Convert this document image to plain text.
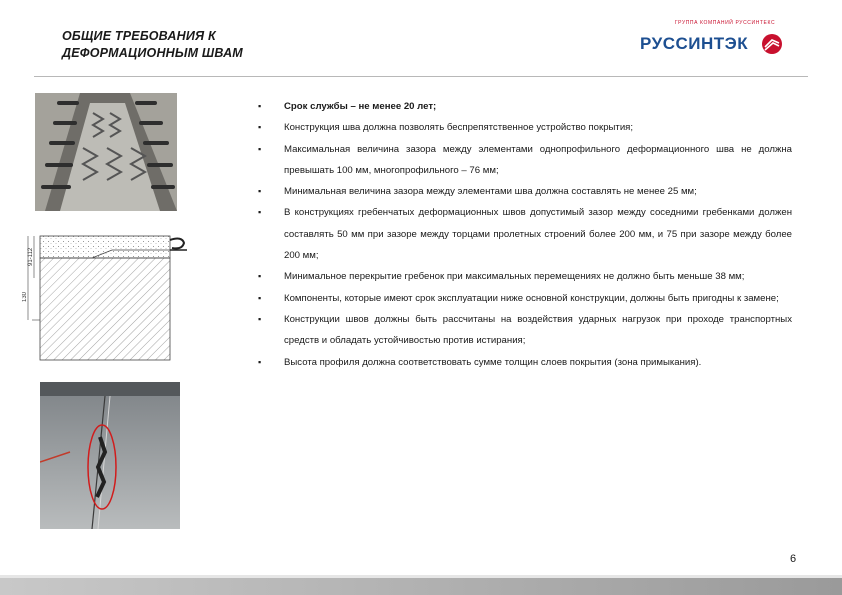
ОБЩИЕ ТРЕБОВАНИЯ К
ДЕФОРМАЦИОННЫМ ШВАМ
ГРУППА КОМПАНИЙ РУССИНТЕКС
РУССИНТЭК
91-112
130
▪ Срок службы – не менее 20 лет;
▪ Конструкция шва должна позволять беспрепятственное устройство покрытия;
▪ Максимальная величина зазора между элементами однопрофильного деформационного шва не должна превышать 100 мм, многопрофильного – 76 мм;
▪ Минимальная величина зазора между элементами шва должна составлять не менее 25 мм;
▪ В конструкциях гребенчатых деформационных швов допустимый зазор между соседними гребенками должен составлять 50 мм при зазоре между торцами пролетных строений более 200 мм, и 75 при зазоре между более 200 мм;
▪ Минимальное перекрытие гребенок при максимальных перемещениях не должно быть меньше 38 мм;
▪ Компоненты, которые имеют срок эксплуатации ниже основной конструкции, должны быть пригодны к замене;
▪ Конструкции швов должны быть рассчитаны на воздействия ударных нагрузок при проходе транспортных средств и обладать устойчивостью против истирания;
▪ Высота профиля должна соответствовать сумме толщин слоев покрытия (зона примыкания).
6
